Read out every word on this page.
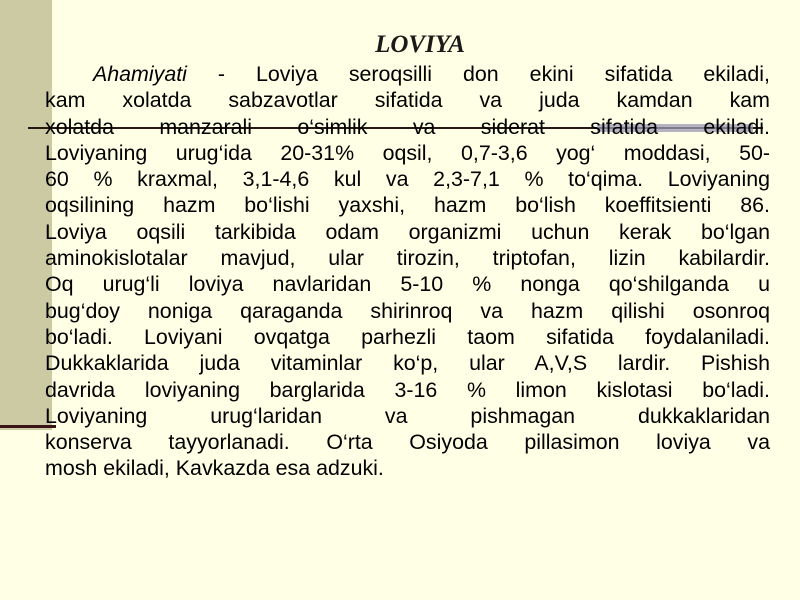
LOVIYA
Ahamiyati - Loviya seroqsilli don ekini sifatida ekiladi,
kam xolatda sabzavotlar sifatida va juda kamdan kam
xolatda manzarali o‘simlik va siderat sifatida ekiladi.
Loviyaning urug‘ida 20-31% oqsil, 0,7-3,6 yog‘ moddasi, 50-
60 % kraxmal, 3,1-4,6 kul va 2,3-7,1 % to‘qima. Loviyaning
oqsilining hazm bo‘lishi yaxshi, hazm bo‘lish koeffitsienti 86.
Loviya oqsili tarkibida odam organizmi uchun kerak bo‘lgan
aminokislotalar mavjud, ular tirozin, triptofan, lizin kabilardir.
Oq urug‘li loviya navlaridan 5-10 % nonga qo‘shilganda u
bug‘doy noniga qaraganda shirinroq va hazm qilishi osonroq
bo‘ladi. Loviyani ovqatga parhezli taom sifatida foydalaniladi.
Dukkaklarida juda vitaminlar ko‘p, ular A,V,S lardir. Pishish
davrida loviyaning barglarida 3-16 % limon kislotasi bo‘ladi.
Loviyaning urug‘laridan va pishmagan dukkaklaridan
konserva tayyorlanadi. O‘rta Osiyoda pillasimon loviya va
mosh ekiladi, Kavkazda esa adzuki.
